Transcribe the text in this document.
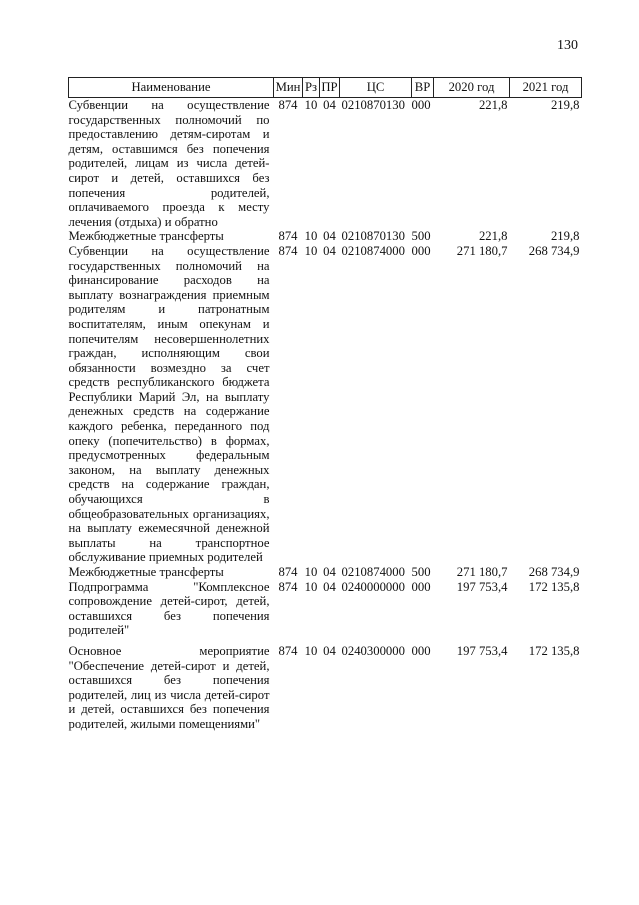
130
Наименование	Мин	Рз	ПР	ЦС	ВР	2020 год	2021 год
Субвенции на осуществление государственных полномочий по предоставлению детям-сиротам и детям, оставшимся без попечения родителей, лицам из числа детей-сирот и детей, оставшихся без попечения родителей, оплачиваемого проезда к месту лечения (отдыха) и обратно	874	10	04	0210870130	000	221,8	219,8
Межбюджетные трансферты	874	10	04	0210870130	500	221,8	219,8
Субвенции на осуществление государственных полномочий на финансирование расходов на выплату вознаграждения приемным родителям и патронатным воспитателям, иным опекунам и попечителям несовершеннолетних граждан, исполняющим свои обязанности возмездно за счет средств республиканского бюджета Республики Марий Эл, на выплату денежных средств на содержание каждого ребенка, переданного под опеку (попечительство) в формах, предусмотренных федеральным законом, на выплату денежных средств на содержание граждан, обучающихся в общеобразовательных организациях, на выплату ежемесячной денежной выплаты на транспортное обслуживание приемных родителей	874	10	04	0210874000	000	271 180,7	268 734,9
Межбюджетные трансферты	874	10	04	0210874000	500	271 180,7	268 734,9
Подпрограмма "Комплексное сопровождение детей-сирот, детей, оставшихся без попечения родителей"	874	10	04	0240000000	000	197 753,4	172 135,8
Основное мероприятие "Обеспечение детей-сирот и детей, оставшихся без попечения родителей, лиц из числа детей-сирот и детей, оставшихся без попечения родителей, жилыми помещениями"	874	10	04	0240300000	000	197 753,4	172 135,8
